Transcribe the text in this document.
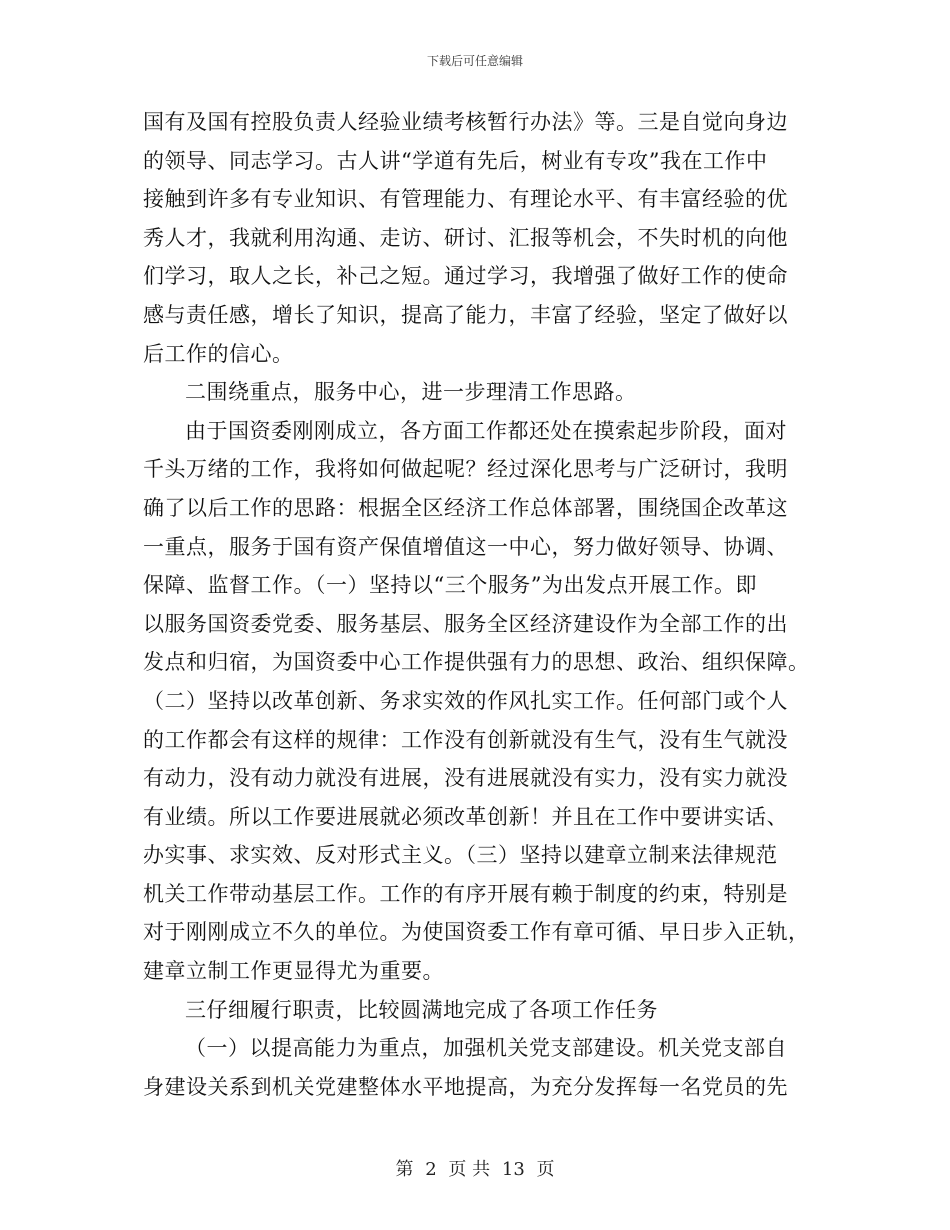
下载后可任意编辑
国有及国有控股负责人经验业绩考核暂行办法》等。三是自觉向身边
的领导、同志学习。古人讲“学道有先后，树业有专攻”我在工作中
接触到许多有专业知识、有管理能力、有理论水平、有丰富经验的优
秀人才，我就利用沟通、走访、研讨、汇报等机会，不失时机的向他
们学习，取人之长，补己之短。通过学习，我增强了做好工作的使命
感与责任感，增长了知识，提高了能力，丰富了经验，坚定了做好以
后工作的信心。
二围绕重点，服务中心，进一步理清工作思路。
由于国资委刚刚成立，各方面工作都还处在摸索起步阶段，面对
千头万绪的工作，我将如何做起呢？经过深化思考与广泛研讨，我明
确了以后工作的思路：根据全区经济工作总体部署，围绕国企改革这
一重点，服务于国有资产保值增值这一中心，努力做好领导、协调、
保障、监督工作。（一）坚持以“三个服务”为出发点开展工作。即
以服务国资委党委、服务基层、服务全区经济建设作为全部工作的出
发点和归宿，为国资委中心工作提供强有力的思想、政治、组织保障。
（二）坚持以改革创新、务求实效的作风扎实工作。任何部门或个人
的工作都会有这样的规律：工作没有创新就没有生气，没有生气就没
有动力，没有动力就没有进展，没有进展就没有实力，没有实力就没
有业绩。所以工作要进展就必须改革创新！并且在工作中要讲实话、
办实事、求实效、反对形式主义。（三）坚持以建章立制来法律规范
机关工作带动基层工作。工作的有序开展有赖于制度的约束，特别是
对于刚刚成立不久的单位。为使国资委工作有章可循、早日步入正轨，
建章立制工作更显得尤为重要。
三仔细履行职责，比较圆满地完成了各项工作任务
（一）以提高能力为重点，加强机关党支部建设。机关党支部自
身建设关系到机关党建整体水平地提高，为充分发挥每一名党员的先
第 2 页 共 13 页
